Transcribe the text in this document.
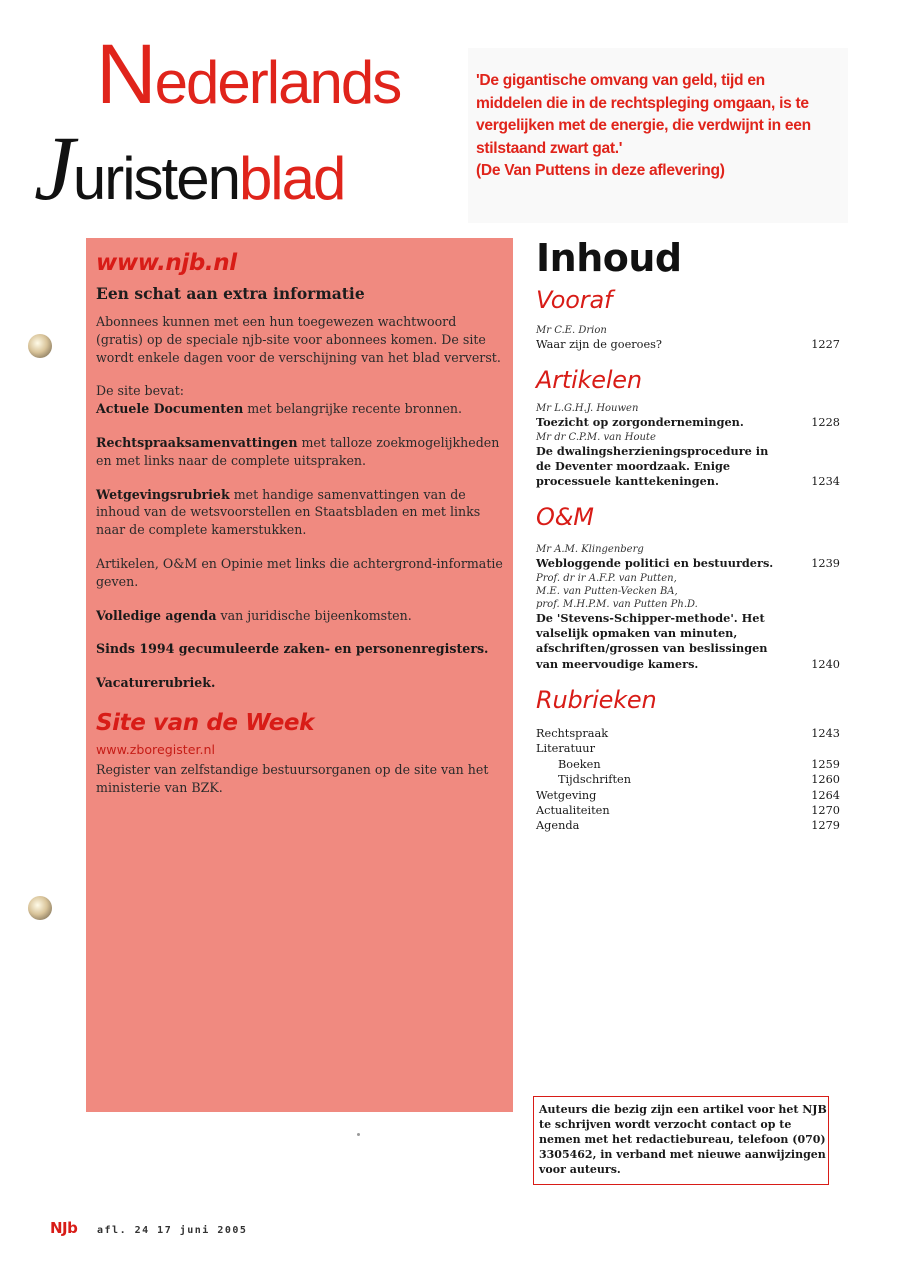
Nederlands
Juristenblad

'De gigantische omvang van geld, tijd en
middelen die in de rechtspleging omgaan, is te
vergelijken met de energie, die verdwijnt in een
stilstaand zwart gat.'
(De Van Puttens in deze aflevering)

www.njb.nl
Een schat aan extra informatie

Abonnees kunnen met een hun toegewezen wachtwoord (gratis) op de speciale njb-site voor abonnees komen. De site wordt enkele dagen voor de verschijning van het blad ververst.

De site bevat:

Actuele Documenten met belangrijke recente bronnen.

Rechtspraaksamenvattingen met talloze zoekmogelijkheden en met links naar de complete uitspraken.

Wetgevingsrubriek met handige samenvattingen van de inhoud van de wetsvoorstellen en Staatsbladen en met links naar de complete kamerstukken.

Artikelen, O&M en Opinie met links die achtergrond-informatie geven.

Volledige agenda van juridische bijeenkomsten.

Sinds 1994 gecumuleerde zaken- en personenregisters.

Vacaturerubriek.

Site van de Week
www.zboregister.nl

Register van zelfstandige bestuursorganen op de site van het ministerie van BZK.

Inhoud
Vooraf
Mr C.E. Drion
Waar zijn de goeroes?	1227
Artikelen
Mr L.G.H.J. Houwen
Toezicht op zorgondernemingen.	1228
Mr dr C.P.M. van Houte
De dwalingsherzieningsprocedure in de Deventer moordzaak. Enige processuele kanttekeningen.	1234
O&M
Mr A.M. Klingenberg
Webloggende politici en bestuurders.	1239
Prof. dr ir A.F.P. van Putten,
M.E. van Putten-Vecken BA,
prof. M.H.P.M. van Putten Ph.D.
De 'Stevens-Schipper-methode'. Het valselijk opmaken van minuten, afschriften/grossen van beslissingen van meervoudige kamers.	1240
Rubrieken
Rechtspraak	1243
Literatuur
Boeken	1259
Tijdschriften	1260
Wetgeving	1264
Actualiteiten	1270
Agenda	1279
Auteurs die bezig zijn een artikel voor het NJB te schrijven wordt verzocht contact op te nemen met het redactiebureau, telefoon (070) 3305462, in verband met nieuwe aanwijzingen voor auteurs.
NJb afl. 24 17 juni 2005
